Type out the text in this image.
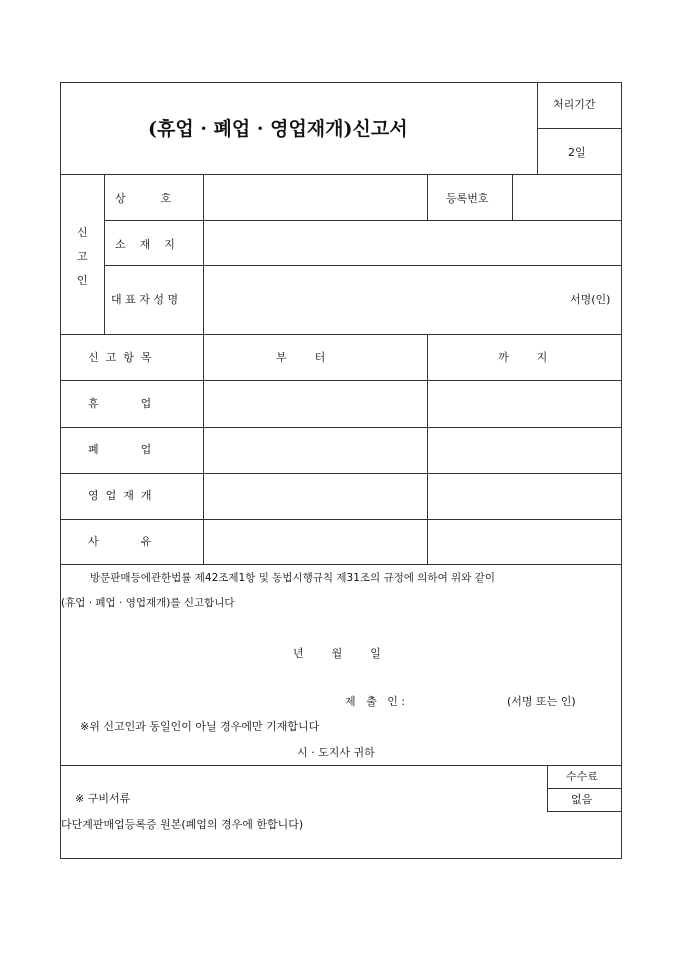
(휴업 · 폐업 · 영업재개)신고서
처리기간
2일
신
고
인
상          호	등록번호
소    재    지
대 표 자 성 명	서명(인)
신  고  항  목	부        터	까        지
휴            업
폐            업
영  업  재  개
사            유
방문판매등에관한법률 제42조제1항 및 동법시행규칙 제31조의 규정에 의하여 위와 같이
(휴업 · 폐업 · 영업재개)를 신고합니다
년        월        일
제   출   인 :	(서명 또는 인)
※위 신고인과 동일인이 아닐 경우에만 기재합니다
시 · 도지사 귀하
※ 구비서류
다단계판매업등록증 원본(폐업의 경우에 한합니다)
수수료
없음
